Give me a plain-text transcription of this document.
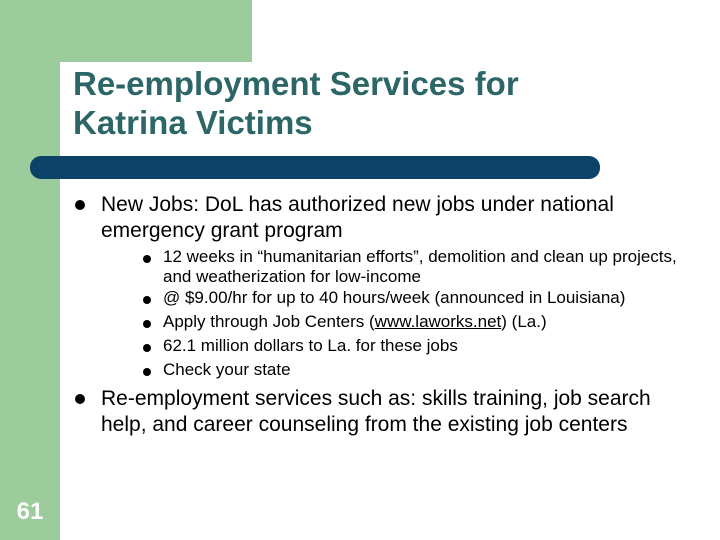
Re-employment Services for
Katrina Victims
New Jobs: DoL has authorized new jobs under national emergency grant program
12 weeks in “humanitarian efforts”, demolition and clean up projects, and weatherization for low-income
@ $9.00/hr for up to 40 hours/week (announced in Louisiana)
Apply through Job Centers (www.laworks.net) (La.)
62.1 million dollars to La. for these jobs
Check your state
Re-employment services such as: skills training, job search help, and career counseling from the existing job centers
61
